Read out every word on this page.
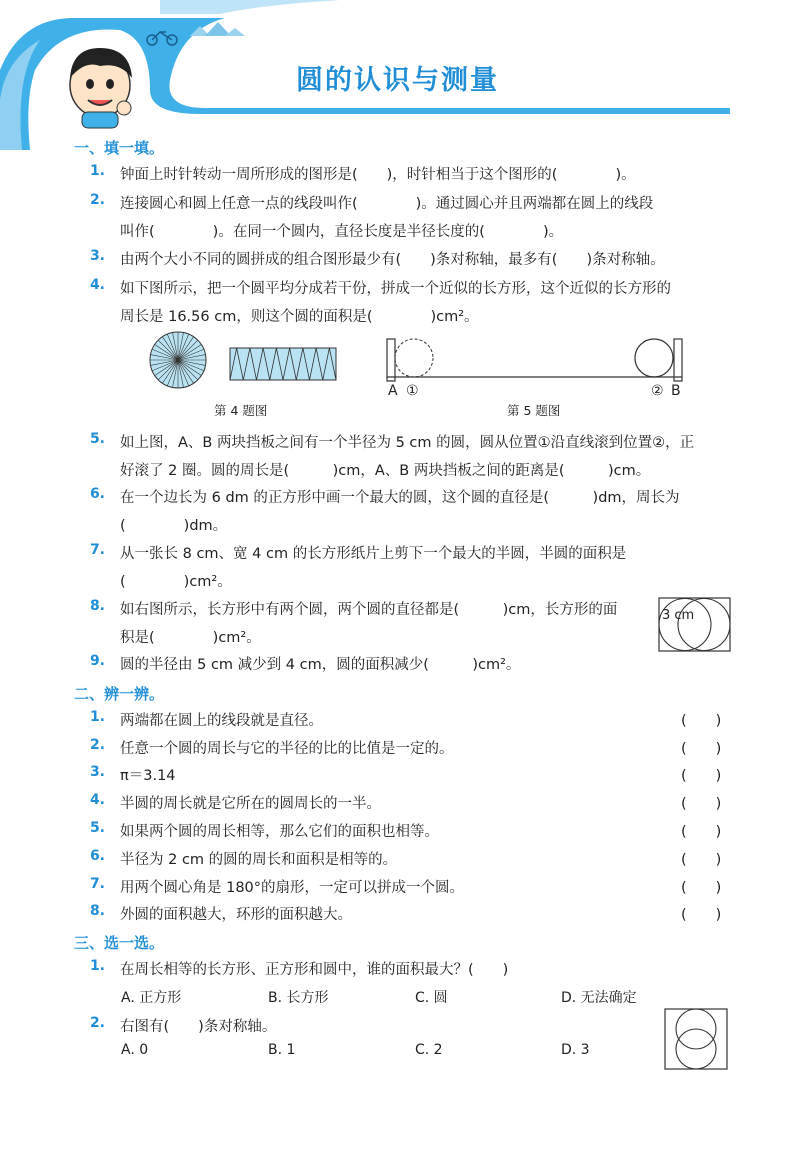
圆的认识与测量
一、填一填。
1. 钟面上时针转动一周所形成的图形是(　　)，时针相当于这个图形的(　　　　)。
2. 连接圆心和圆上任意一点的线段叫作(　　　　)。通过圆心并且两端都在圆上的线段
叫作(　　　　)。在同一个圆内，直径长度是半径长度的(　　　　)。
3. 由两个大小不同的圆拼成的组合图形最少有(　　)条对称轴，最多有(　　)条对称轴。
4. 如下图所示，把一个圆平均分成若干份，拼成一个近似的长方形，这个近似的长方形的
周长是 16.56 cm，则这个圆的面积是(　　　　)cm²。
第 4 题图
A ①	② B
第 5 题图
5. 如上图，A、B 两块挡板之间有一个半径为 5 cm 的圆，圆从位置①沿直线滚到位置②，正
好滚了 2 圈。圆的周长是(　　　)cm，A、B 两块挡板之间的距离是(　　　)cm。
6. 在一个边长为 6 dm 的正方形中画一个最大的圆，这个圆的直径是(　　　)dm，周长为
(　　　　)dm。
7. 从一张长 8 cm、宽 4 cm 的长方形纸片上剪下一个最大的半圆，半圆的面积是
(　　　　)cm²。
8. 如右图所示，长方形中有两个圆，两个圆的直径都是(　　　)cm，长方形的面
积是(　　　　)cm²。
3 cm
9. 圆的半径由 5 cm 减少到 4 cm，圆的面积减少(　　　)cm²。
二、辨一辨。
1. 两端都在圆上的线段就是直径。	(　　)
2. 任意一个圆的周长与它的半径的比的比值是一定的。	(　　)
3. π＝3.14	(　　)
4. 半圆的周长就是它所在的圆周长的一半。	(　　)
5. 如果两个圆的周长相等，那么它们的面积也相等。	(　　)
6. 半径为 2 cm 的圆的周长和面积是相等的。	(　　)
7. 用两个圆心角是 180°的扇形，一定可以拼成一个圆。	(　　)
8. 外圆的面积越大，环形的面积越大。	(　　)
三、选一选。
1. 在周长相等的长方形、正方形和圆中，谁的面积最大？(　　)
A. 正方形	B. 长方形	C. 圆	D. 无法确定
2. 右图有(　　)条对称轴。
A. 0	B. 1	C. 2	D. 3
